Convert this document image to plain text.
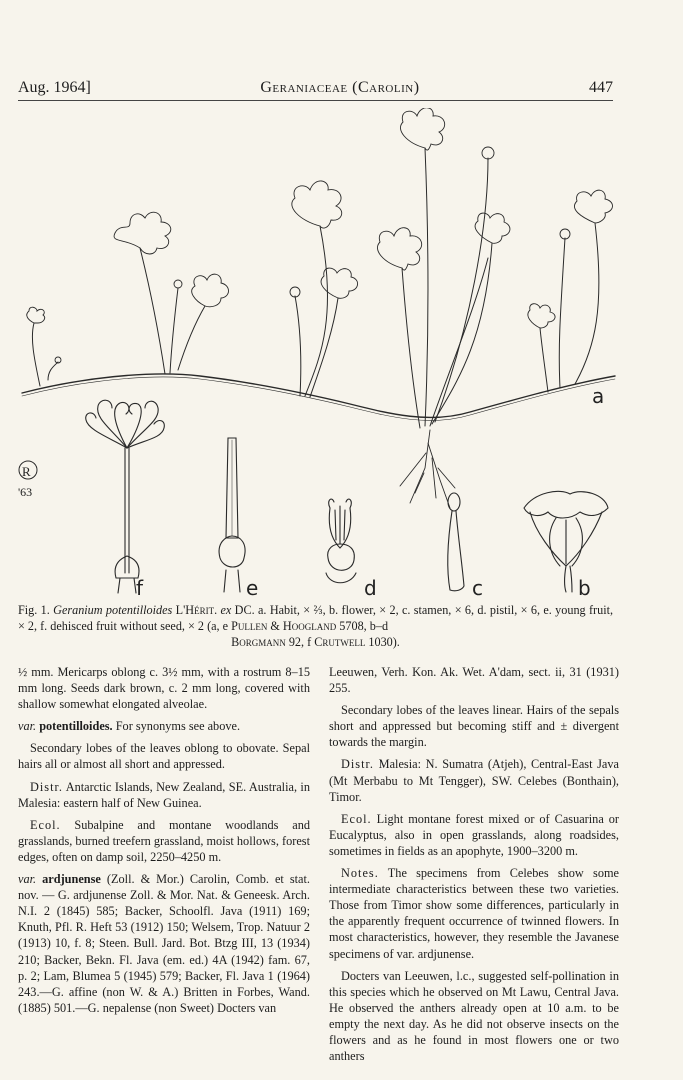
Aug. 1964]	Geraniaceae (Carolin)	447
a
R
'63
f	e	d	c	b
Fig. 1. Geranium potentilloides L'Hérit. ex DC. a. Habit, × ⅔, b. flower, × 2, c. stamen, × 6, d. pistil, × 6, e. young fruit, × 2, f. dehisced fruit without seed, × 2 (a, e Pullen & Hoogland 5708, b–d
Borgmann 92, f Crutwell 1030).

½ mm. Mericarps oblong c. 3½ mm, with a rostrum 8–15 mm long. Seeds dark brown, c. 2 mm long, covered with shallow somewhat elongated alveolae.

var. potentilloides. For synonyms see above.

Secondary lobes of the leaves oblong to obovate. Sepal hairs all or almost all short and appressed.

Distr. Antarctic Islands, New Zealand, SE. Australia, in Malesia: eastern half of New Guinea.

Ecol. Subalpine and montane woodlands and grasslands, burned treefern grassland, moist hollows, forest edges, often on damp soil, 2250–4250 m.

var. ardjunense (Zoll. & Mor.) Carolin, Comb. et stat. nov. — G. ardjunense Zoll. & Mor. Nat. & Geneesk. Arch. N.I. 2 (1845) 585; Backer, Schoolfl. Java (1911) 169; Knuth, Pfl. R. Heft 53 (1912) 150; Welsem, Trop. Natuur 2 (1913) 10, f. 8; Steen. Bull. Jard. Bot. Btzg III, 13 (1934) 210; Backer, Bekn. Fl. Java (em. ed.) 4A (1942) fam. 67, p. 2; Lam, Blumea 5 (1945) 579; Backer, Fl. Java 1 (1964) 243.—G. affine (non W. & A.) Britten in Forbes, Wand. (1885) 501.—G. nepalense (non Sweet) Docters van

Leeuwen, Verh. Kon. Ak. Wet. A'dam, sect. ii, 31 (1931) 255.

Secondary lobes of the leaves linear. Hairs of the sepals short and appressed but becoming stiff and ± divergent towards the margin.

Distr. Malesia: N. Sumatra (Atjeh), Central-East Java (Mt Merbabu to Mt Tengger), SW. Celebes (Bonthain), Timor.

Ecol. Light montane forest mixed or of Casuarina or Eucalyptus, also in open grasslands, along roadsides, sometimes in fields as an apophyte, 1900–3200 m.

Notes. The specimens from Celebes show some intermediate characteristics between these two varieties. Those from Timor show some differences, particularly in the apparently frequent occurrence of twinned flowers. In most characteristics, however, they resemble the Javanese specimens of var. ardjunense.

Docters van Leeuwen, l.c., suggested self-pollination in this species which he observed on Mt Lawu, Central Java. He observed the anthers already open at 10 a.m. to be empty the next day. As he did not observe insects on the flowers and as he found in most flowers one or two anthers
